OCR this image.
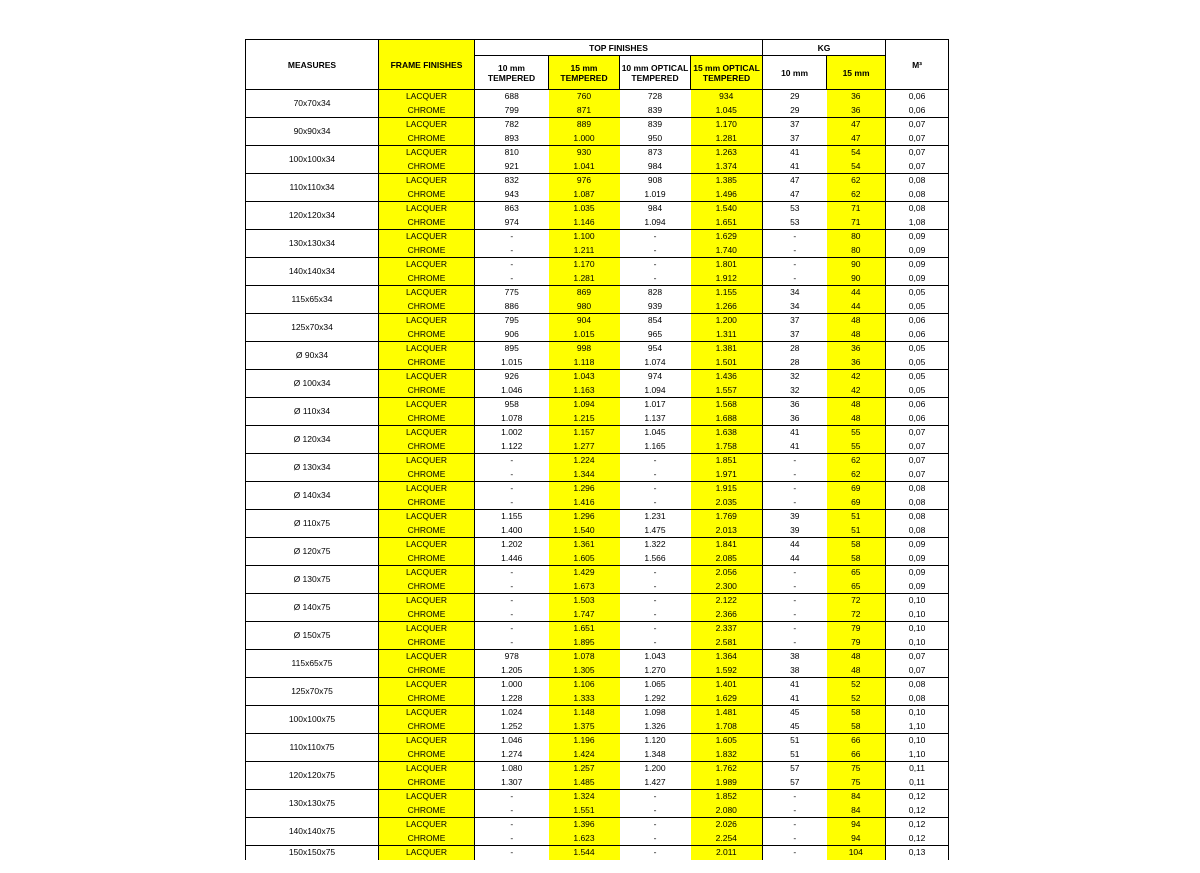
MEASURES	FRAME FINISHES	TOP FINISHES				KG		M³
		10 mm TEMPERED	15 mm TEMPERED	10 mm OPTICAL TEMPERED	15 mm OPTICAL TEMPERED	10 mm	15 mm	
70x70x34	LACQUER	688	760	728	934	29	36	0,06
	CHROME	799	871	839	1.045	29	36	0,06
90x90x34	LACQUER	782	889	839	1.170	37	47	0,07
	CHROME	893	1.000	950	1.281	37	47	0,07
100x100x34	LACQUER	810	930	873	1.263	41	54	0,07
	CHROME	921	1.041	984	1.374	41	54	0,07
110x110x34	LACQUER	832	976	908	1.385	47	62	0,08
	CHROME	943	1.087	1.019	1.496	47	62	0,08
120x120x34	LACQUER	863	1.035	984	1.540	53	71	0,08
	CHROME	974	1.146	1.094	1.651	53	71	1,08
130x130x34	LACQUER	-	1.100	-	1.629	-	80	0,09
	CHROME	-	1.211	-	1.740	-	80	0,09
140x140x34	LACQUER	-	1.170	-	1.801	-	90	0,09
	CHROME	-	1.281	-	1.912	-	90	0,09
115x65x34	LACQUER	775	869	828	1.155	34	44	0,05
	CHROME	886	980	939	1.266	34	44	0,05
125x70x34	LACQUER	795	904	854	1.200	37	48	0,06
	CHROME	906	1.015	965	1.311	37	48	0,06
Ø 90x34	LACQUER	895	998	954	1.381	28	36	0,05
	CHROME	1.015	1.118	1.074	1.501	28	36	0,05
Ø 100x34	LACQUER	926	1.043	974	1.436	32	42	0,05
	CHROME	1.046	1.163	1.094	1.557	32	42	0,05
Ø 110x34	LACQUER	958	1.094	1.017	1.568	36	48	0,06
	CHROME	1.078	1.215	1.137	1.688	36	48	0,06
Ø 120x34	LACQUER	1.002	1.157	1.045	1.638	41	55	0,07
	CHROME	1.122	1.277	1.165	1.758	41	55	0,07
Ø 130x34	LACQUER	-	1.224	-	1.851	-	62	0,07
	CHROME	-	1.344	-	1.971	-	62	0,07
Ø 140x34	LACQUER	-	1.296	-	1.915	-	69	0,08
	CHROME	-	1.416	-	2.035	-	69	0,08
Ø 110x75	LACQUER	1.155	1.296	1.231	1.769	39	51	0,08
	CHROME	1.400	1.540	1.475	2.013	39	51	0,08
Ø 120x75	LACQUER	1.202	1.361	1.322	1.841	44	58	0,09
	CHROME	1.446	1.605	1.566	2.085	44	58	0,09
Ø 130x75	LACQUER	-	1.429	-	2.056	-	65	0,09
	CHROME	-	1.673	-	2.300	-	65	0,09
Ø 140x75	LACQUER	-	1.503	-	2.122	-	72	0,10
	CHROME	-	1.747	-	2.366	-	72	0,10
Ø 150x75	LACQUER	-	1.651	-	2.337	-	79	0,10
	CHROME	-	1.895	-	2.581	-	79	0,10
115x65x75	LACQUER	978	1.078	1.043	1.364	38	48	0,07
	CHROME	1.205	1.305	1.270	1.592	38	48	0,07
125x70x75	LACQUER	1.000	1.106	1.065	1.401	41	52	0,08
	CHROME	1.228	1.333	1.292	1.629	41	52	0,08
100x100x75	LACQUER	1.024	1.148	1.098	1.481	45	58	0,10
	CHROME	1.252	1.375	1.326	1.708	45	58	1,10
110x110x75	LACQUER	1.046	1.196	1.120	1.605	51	66	0,10
	CHROME	1.274	1.424	1.348	1.832	51	66	1,10
120x120x75	LACQUER	1.080	1.257	1.200	1.762	57	75	0,11
	CHROME	1.307	1.485	1.427	1.989	57	75	0,11
130x130x75	LACQUER	-	1.324	-	1.852	-	84	0,12
	CHROME	-	1.551	-	2.080	-	84	0,12
140x140x75	LACQUER	-	1.396	-	2.026	-	94	0,12
	CHROME	-	1.623	-	2.254	-	94	0,12
150x150x75	LACQUER	-	1.544	-	2.011	-	104	0,13
